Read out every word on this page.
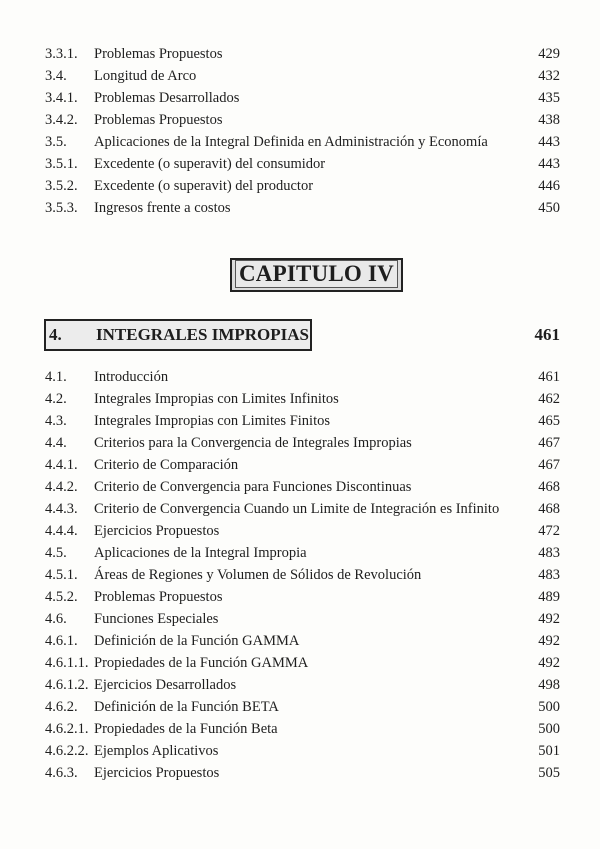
3.3.1. Problemas Propuestos	429
3.4. Longitud de Arco	432
3.4.1. Problemas Desarrollados	435
3.4.2. Problemas Propuestos	438
3.5. Aplicaciones de la Integral Definida en Administración y Economía	443
3.5.1. Excedente (o superavit) del consumidor	443
3.5.2. Excedente (o superavit) del productor	446
3.5.3. Ingresos frente a costos	450
CAPITULO IV
4. INTEGRALES IMPROPIAS	461
4.1. Introducción	461
4.2. Integrales Impropias con Limites Infinitos	462
4.3. Integrales Impropias con Limites Finitos	465
4.4. Criterios para la Convergencia de Integrales Impropias	467
4.4.1. Criterio de Comparación	467
4.4.2. Criterio de Convergencia para Funciones Discontinuas	468
4.4.3. Criterio de Convergencia Cuando un Limite de Integración es Infinito	468
4.4.4. Ejercicios Propuestos	472
4.5. Aplicaciones de la Integral Impropia	483
4.5.1. Áreas de Regiones y Volumen de Sólidos de Revolución	483
4.5.2. Problemas Propuestos	489
4.6. Funciones Especiales	492
4.6.1. Definición de la Función GAMMA	492
4.6.1.1. Propiedades de la Función GAMMA	492
4.6.1.2. Ejercicios Desarrollados	498
4.6.2. Definición de la Función BETA	500
4.6.2.1. Propiedades de la Función Beta	500
4.6.2.2. Ejemplos Aplicativos	501
4.6.3. Ejercicios Propuestos	505
